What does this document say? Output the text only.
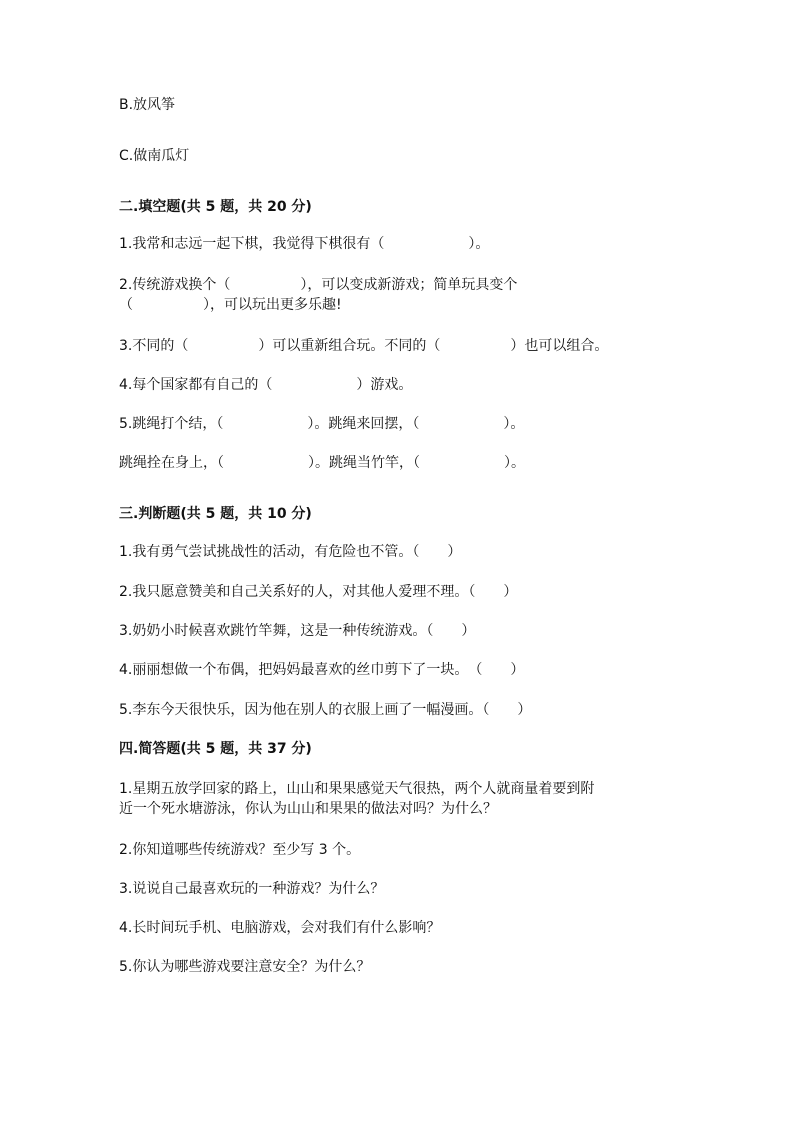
B.放风筝
C.做南瓜灯
二.填空题(共 5 题，共 20 分)
1.我常和志远一起下棋，我觉得下棋很有（　　　　　　）。
2.传统游戏换个（　　　　　），可以变成新游戏；简单玩具变个
（　　　　　），可以玩出更多乐趣!
3.不同的（　　　　　）可以重新组合玩。不同的（　　　　　）也可以组合。
4.每个国家都有自己的（　　　　　　）游戏。
5.跳绳打个结，（　　　　　　）。跳绳来回摆，（　　　　　　）。
跳绳拴在身上，（　　　　　　）。跳绳当竹竿，（　　　　　　）。
三.判断题(共 5 题，共 10 分)
1.我有勇气尝试挑战性的活动，有危险也不管。（　　）
2.我只愿意赞美和自己关系好的人，对其他人爱理不理。（　　）
3.奶奶小时候喜欢跳竹竿舞，这是一种传统游戏。（　　）
4.丽丽想做一个布偶，把妈妈最喜欢的丝巾剪下了一块。　（　　）
5.李东今天很快乐，因为他在别人的衣服上画了一幅漫画。（　　）
四.简答题(共 5 题，共 37 分)
1.星期五放学回家的路上，山山和果果感觉天气很热，两个人就商量着要到附
近一个死水塘游泳，你认为山山和果果的做法对吗？为什么？
2.你知道哪些传统游戏？至少写 3 个。
3.说说自己最喜欢玩的一种游戏？为什么？
4.长时间玩手机、电脑游戏，会对我们有什么影响？
5.你认为哪些游戏要注意安全？为什么？
